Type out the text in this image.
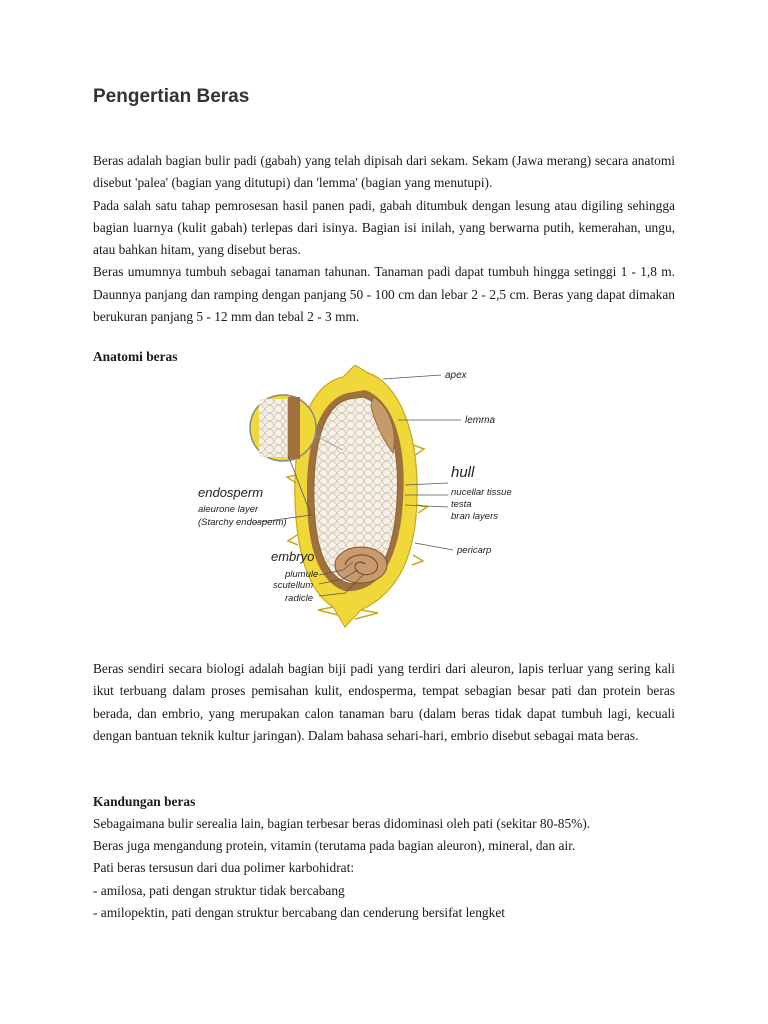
Pengertian Beras

Beras adalah bagian bulir padi (gabah) yang telah dipisah dari sekam. Sekam (Jawa merang) secara anatomi disebut 'palea' (bagian yang ditutupi) dan 'lemma' (bagian yang menutupi).

Pada salah satu tahap pemrosesan hasil panen padi, gabah ditumbuk dengan lesung atau digiling sehingga bagian luarnya (kulit gabah) terlepas dari isinya. Bagian isi inilah, yang berwarna putih, kemerahan, ungu, atau bahkan hitam, yang disebut beras.

Beras umumnya tumbuh sebagai tanaman tahunan. Tanaman padi dapat tumbuh hingga setinggi 1 - 1,8 m. Daunnya panjang dan ramping dengan panjang 50 - 100 cm dan lebar 2 - 2,5 cm. Beras yang dapat dimakan berukuran panjang 5 - 12 mm dan tebal 2 - 3 mm.

Anatomi beras

apex
lemma
hull
nucellar tissue
testa
bran layers
pericarp
endosperm
aleurone layer
(Starchy endosperm)
embryo
plumule
scutellum
radicle

Beras sendiri secara biologi adalah bagian biji padi yang terdiri dari aleuron, lapis terluar yang sering kali ikut terbuang dalam proses pemisahan kulit, endosperma, tempat sebagian besar pati dan protein beras berada, dan embrio, yang merupakan calon tanaman baru (dalam beras tidak dapat tumbuh lagi, kecuali dengan bantuan teknik kultur jaringan). Dalam bahasa sehari-hari, embrio disebut sebagai mata beras.

Kandungan beras

Sebagaimana bulir serealia lain, bagian terbesar beras didominasi oleh pati (sekitar 80-85%).

Beras juga mengandung protein, vitamin (terutama pada bagian aleuron), mineral, dan air.

Pati beras tersusun dari dua polimer karbohidrat:

- amilosa, pati dengan struktur tidak bercabang

- amilopektin, pati dengan struktur bercabang dan cenderung bersifat lengket
